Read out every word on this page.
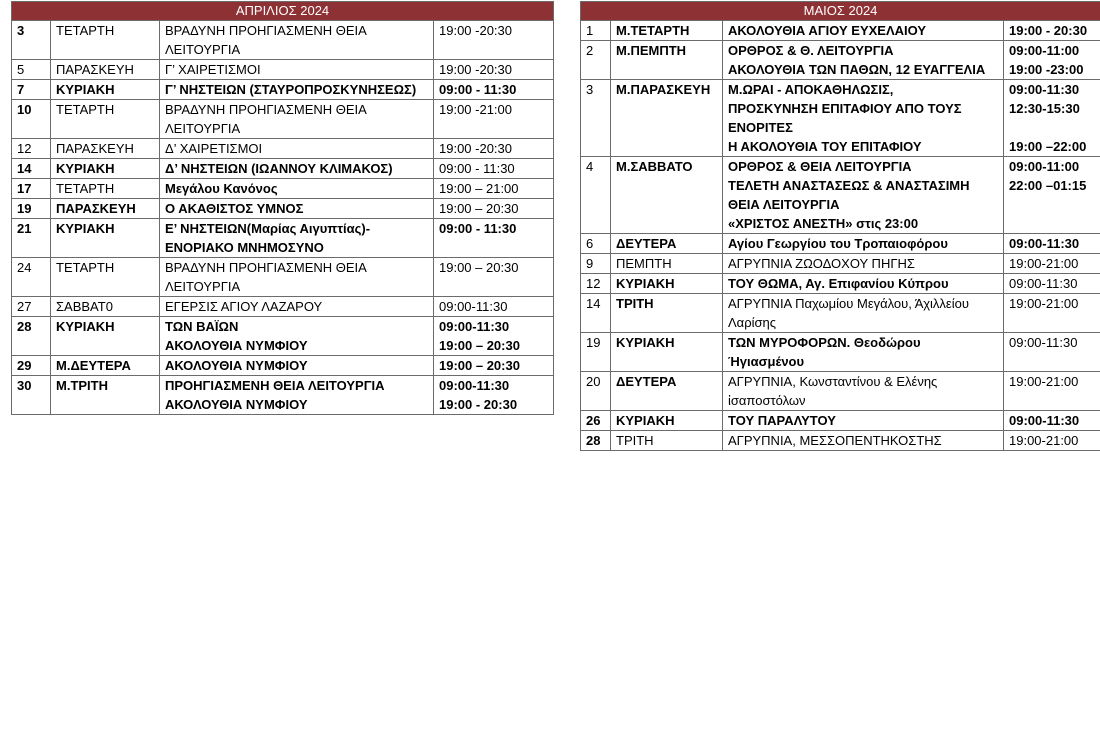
ΑΠΡΙΛΙΟΣ 2024			
3	ΤΕΤΑΡΤΗ	ΒΡΑΔΥΝΗ ΠΡΟΗΓΙΑΣΜΕΝΗ ΘΕΙΑ
ΛΕΙΤΟΥΡΓΙΑ	19:00 -20:30

5	ΠΑΡΑΣΚΕΥΗ	Γ’ ΧΑΙΡΕΤΙΣΜΟΙ	19:00 -20:30

7	ΚΥΡΙΑΚΗ	Γ’ ΝΗΣΤΕΙΩΝ (ΣΤΑΥΡΟΠΡΟΣΚΥΝΗΣΕΩΣ)	09:00 - 11:30

10	ΤΕΤΑΡΤΗ	ΒΡΑΔΥΝΗ ΠΡΟΗΓΙΑΣΜΕΝΗ ΘΕΙΑ
ΛΕΙΤΟΥΡΓΙΑ	19:00 -21:00

12	ΠΑΡΑΣΚΕΥΗ	Δ’ ΧΑΙΡΕΤΙΣΜΟΙ	19:00 -20:30

14	ΚΥΡΙΑΚΗ	Δ’ ΝΗΣΤΕΙΩΝ (ΙΩΑΝΝΟΥ ΚΛΙΜΑΚΟΣ)	09:00 - 11:30

17	ΤΕΤΑΡΤΗ	Μεγάλου Κανόνος	19:00 – 21:00

19	ΠΑΡΑΣΚΕΥΗ	Ο ΑΚΑΘΙΣΤΟΣ ΥΜΝΟΣ	19:00 – 20:30

21	ΚΥΡΙΑΚΗ	Ε’ ΝΗΣΤΕΙΩΝ(Μαρίας Αιγυπτίας)-
ΕΝΟΡΙΑΚΟ ΜΝΗΜΟΣΥΝΟ	09:00 - 11:30

24	ΤΕΤΑΡΤΗ	ΒΡΑΔΥΝΗ ΠΡΟΗΓΙΑΣΜΕΝΗ ΘΕΙΑ
ΛΕΙΤΟΥΡΓΙΑ	19:00 – 20:30

27	ΣΑΒΒΑΤ0	ΕΓΕΡΣΙΣ ΑΓΙΟΥ ΛΑΖΑΡΟΥ	09:00-11:30

28	ΚΥΡΙΑΚΗ	ΤΩΝ ΒΑΪΩΝ
ΑΚΟΛΟΥΘΙΑ ΝΥΜΦΙΟΥ	09:00-11:30
19:00 – 20:30

29	Μ.ΔΕΥΤΕΡΑ	ΑΚΟΛΟΥΘΙΑ ΝΥΜΦΙΟΥ	19:00 – 20:30

30	Μ.ΤΡΙΤΗ	ΠΡΟΗΓΙΑΣΜΕΝΗ ΘΕΙΑ ΛΕΙΤΟΥΡΓΙΑ
ΑΚΟΛΟΥΘΙΑ ΝΥΜΦΙΟΥ	09:00-11:30
19:00 - 20:30
ΜΑΙΟΣ 2024			
1	Μ.ΤΕΤΑΡΤΗ	ΑΚΟΛΟΥΘΙΑ ΑΓΙΟΥ ΕΥΧΕΛΑΙΟΥ	19:00 - 20:30

2	Μ.ΠΕΜΠΤΗ	ΟΡΘΡΟΣ & Θ. ΛΕΙΤΟΥΡΓΙΑ
ΑΚΟΛΟΥΘΙΑ ΤΩΝ ΠΑΘΩΝ, 12 ΕΥΑΓΓΕΛΙΑ	09:00-11:00
19:00 -23:00

3	Μ.ΠΑΡΑΣΚΕΥΗ	Μ.ΩΡΑΙ - ΑΠΟΚΑΘΗΛΩΣΙΣ,
ΠΡΟΣΚΥΝΗΣΗ ΕΠΙΤΑΦΙΟΥ ΑΠΟ ΤΟΥΣ
ΕΝΟΡΙΤΕΣ
Η ΑΚΟΛΟΥΘΙΑ ΤΟΥ ΕΠΙΤΑΦΙΟΥ	09:00-11:30
12:30-15:30
19:00 –22:00

4	Μ.ΣΑΒΒΑΤΟ	ΟΡΘΡΟΣ & ΘΕΙΑ ΛΕΙΤΟΥΡΓΙΑ
ΤΕΛΕΤΗ ΑΝΑΣΤΑΣΕΩΣ & ΑΝΑΣΤΑΣΙΜΗ
ΘΕΙΑ ΛΕΙΤΟΥΡΓΙΑ
«ΧΡΙΣΤΟΣ ΑΝΕΣΤΗ» στις 23:00	09:00-11:00
22:00 –01:15

6	ΔΕΥΤΕΡΑ	Αγίου Γεωργίου του Τροπαιοφόρου	09:00-11:30

9	ΠΕΜΠΤΗ	ΑΓΡΥΠΝΙΑ ΖΩΟΔΟΧΟΥ ΠΗΓΗΣ	19:00-21:00

12	ΚΥΡΙΑΚΗ	ΤΟΥ ΘΩΜΑ, Αγ. Επιφανίου Κύπρου	09:00-11:30

14	ΤΡΙΤΗ	ΑΓΡΥΠΝΙΑ Παχωμίου Μεγάλου, Άχιλλείου
Λαρίσης	19:00-21:00

19	ΚΥΡΙΑΚΗ	ΤΩΝ ΜΥΡΟΦΟΡΩΝ. Θεοδώρου
Ήγιασμένου	09:00-11:30

20	ΔΕΥΤΕΡΑ	ΑΓΡΥΠΝΙΑ, Κωνσταντίνου & Ελένης
ἰσαποστόλων	19:00-21:00

26	ΚΥΡΙΑΚΗ	ΤΟΥ ΠΑΡΑΛΥΤΟΥ	09:00-11:30

28	ΤΡΙΤΗ	ΑΓΡΥΠΝΙΑ, ΜΕΣΣΟΠΕΝΤΗΚΟΣΤΗΣ	19:00-21:00
